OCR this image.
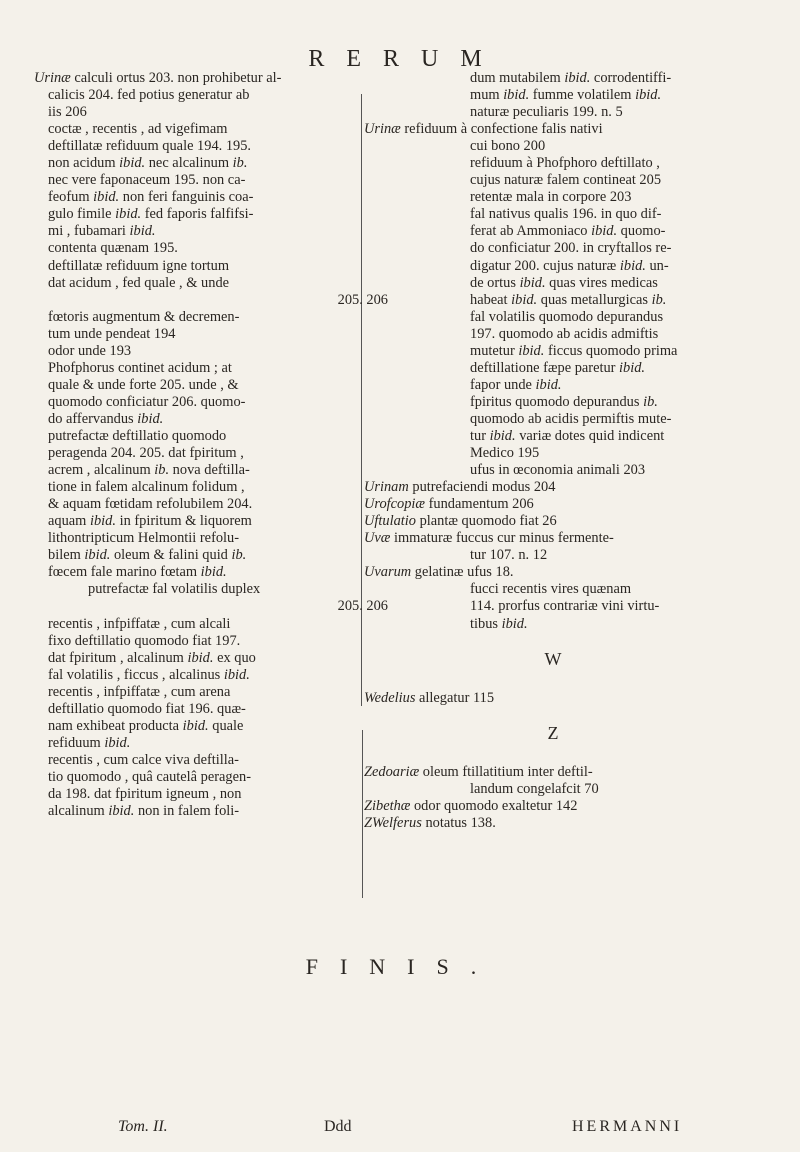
RERUM
Urinæ calculi ortus 203. non prohibetur al-
calicis 204. fed potius generatur ab
iis 206
coctæ , recentis , ad vigefimam
deftillatæ refiduum quale 194. 195.
non acidum ibid. nec alcalinum ib.
nec vere faponaceum 195. non ca-
feofum ibid. non feri fanguinis coa-
gulo fimile ibid. fed faporis falfifsi-
mi , fubamari ibid.
contenta quænam 195.
deftillatæ refiduum igne tortum
dat acidum , fed quale , & unde
205. 206
fœtoris augmentum & decremen-
tum unde pendeat 194
odor unde 193
Phofphorus continet acidum ; at
quale & unde forte 205. unde , &
quomodo conficiatur 206. quomo-
do affervandus ibid.
putrefactæ deftillatio quomodo
peragenda 204. 205. dat fpiritum ,
acrem , alcalinum ib. nova deftilla-
tione in falem alcalinum folidum ,
& aquam fœtidam refolubilem 204.
aquam ibid. in fpiritum & liquorem
lithontripticum Helmontii refolu-
bilem ibid. oleum & falini quid ib.
fœcem fale marino fœtam ibid.
putrefactæ fal volatilis duplex
205. 206
recentis , infpiffatæ , cum alcali
fixo deftillatio quomodo fiat 197.
dat fpiritum , alcalinum ibid. ex quo
fal volatilis , ficcus , alcalinus ibid.
recentis , infpiffatæ , cum arena
deftillatio quomodo fiat 196. quæ-
nam exhibeat producta ibid. quale
refiduum ibid.
recentis , cum calce viva deftilla-
tio quomodo , quâ cautelâ peragen-
da 198. dat fpiritum igneum , non
alcalinum ibid. non in falem foli-
dum mutabilem ibid. corrodentiffi-
mum ibid. fumme volatilem ibid.
naturæ peculiaris 199. n. 5
Urinæ refiduum à confectione falis nativi
cui bono 200
refiduum à Phofphoro deftillato ,
cujus naturæ falem contineat 205
retentæ mala in corpore 203
fal nativus qualis 196. in quo dif-
ferat ab Ammoniaco ibid. quomo-
do conficiatur 200. in cryftallos re-
digatur 200. cujus naturæ ibid. un-
de ortus ibid. quas vires medicas
habeat ibid. quas metallurgicas ib.
fal volatilis quomodo depurandus
197. quomodo ab acidis admiftis
mutetur ibid. ficcus quomodo prima
deftillatione fæpe paretur ibid.
fapor unde ibid.
fpiritus quomodo depurandus ib.
quomodo ab acidis permiftis mute-
tur ibid. variæ dotes quid indicent
Medico 195
ufus in œconomia animali 203
Urinam putrefaciendi modus 204
Urofcopiæ fundamentum 206
Uftulatio plantæ quomodo fiat 26
Uvæ immaturæ fuccus cur minus fermente-
tur 107. n. 12
Uvarum gelatinæ ufus 18.
fucci recentis vires quænam
114. prorfus contrariæ vini virtu-
tibus ibid.
W
Wedelius allegatur 115
Z
Zedoariæ oleum ftillatitium inter deftil-
landum congelafcit 70
Zibethæ odor quomodo exaltetur 142
ZWelferus notatus 138.
FINIS.
Tom. II.	Ddd	HERMANNI
